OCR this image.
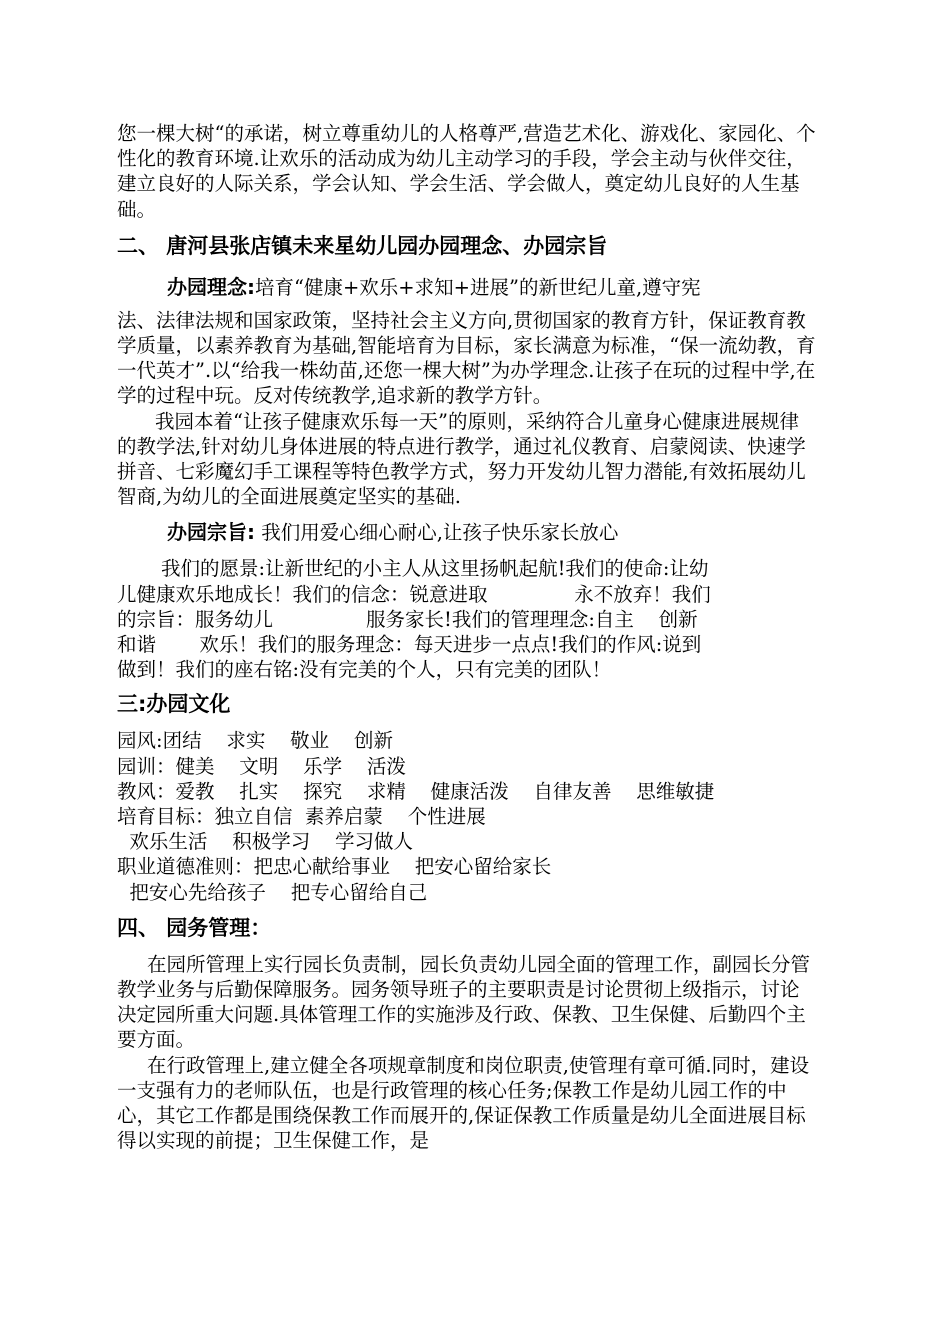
您一棵大树“的承诺，树立尊重幼儿的人格尊严,营造艺术化、游戏化、家园化、个性化的教育环境.让欢乐的活动成为幼儿主动学习的手段，学会主动与伙伴交往，建立良好的人际关系，学会认知、学会生活、学会做人，奠定幼儿良好的人生基础。

二、 唐河县张店镇未来星幼儿园办园理念、办园宗旨

办园理念:培育“健康+欢乐+求知+进展”的新世纪儿童,遵守宪

法、法律法规和国家政策，坚持社会主义方向,贯彻国家的教育方针，保证教育教学质量，以素养教育为基础,智能培育为目标，家长满意为标准，“保一流幼教，育一代英才”.以“给我一株幼苗,还您一棵大树”为办学理念.让孩子在玩的过程中学,在学的过程中玩。反对传统教学,追求新的教学方针。

我园本着“让孩子健康欢乐每一天”的原则，采纳符合儿童身心健康进展规律的教学法,针对幼儿身体进展的特点进行教学，通过礼仪教育、启蒙阅读、快速学拼音、七彩魔幻手工课程等特色教学方式，努力开发幼儿智力潜能,有效拓展幼儿智商,为幼儿的全面进展奠定坚实的基础.

办园宗旨: 我们用爱心细心耐心,让孩子快乐家长放心

我们的愿景:让新世纪的小主人从这里扬帆起航!我们的使命:让幼

儿健康欢乐地成长！我们的信念：锐意进取              永不放弃！我们

的宗旨：服务幼儿               服务家长!我们的管理理念:自主    创新

和谐       欢乐！我们的服务理念：每天进步一点点!我们的作风:说到

做到！我们的座右铭:没有完美的个人，只有完美的团队！

三:办园文化

园风:团结    求实    敬业    创新

园训：健美    文明    乐学    活泼

教风：爱教    扎实    探究    求精    健康活泼    自律友善    思维敏捷

培育目标：独立自信  素养启蒙    个性进展

欢乐生活    积极学习    学习做人

职业道德准则：把忠心献给事业    把安心留给家长

把安心先给孩子    把专心留给自己

四、 园务管理：

在园所管理上实行园长负责制，园长负责幼儿园全面的管理工作，副园长分管教学业务与后勤保障服务。园务领导班子的主要职责是讨论贯彻上级指示，讨论决定园所重大问题.具体管理工作的实施涉及行政、保教、卫生保健、后勤四个主要方面。

在行政管理上,建立健全各项规章制度和岗位职责,使管理有章可循.同时，建设一支强有力的老师队伍，也是行政管理的核心任务;保教工作是幼儿园工作的中心，其它工作都是围绕保教工作而展开的,保证保教工作质量是幼儿全面进展目标 得以实现的前提；卫生保健工作，是
